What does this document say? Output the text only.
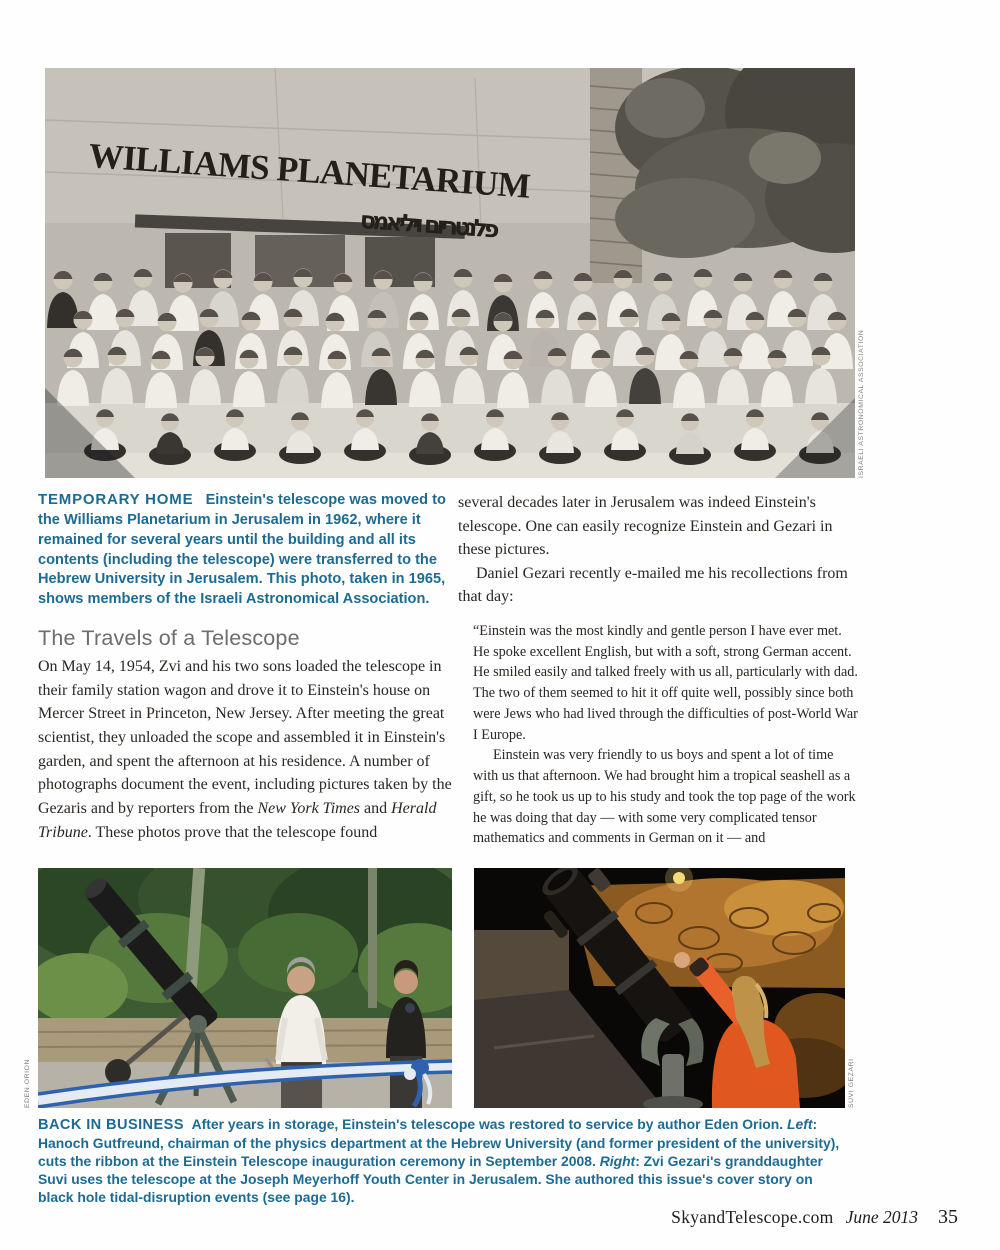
WILLIAMS PLANETARIUM
פלנטריום ויליאמס
ISRAELI ASTRONOMICAL ASSOCIATION
TEMPORARY HOME Einstein's telescope was moved to the Williams Planetarium in Jerusalem in 1962, where it remained for several years until the building and all its contents (including the telescope) were transferred to the Hebrew University in Jerusalem. This photo, taken in 1965, shows members of the Israeli Astronomical Association.

several decades later in Jerusalem was indeed Einstein's telescope. One can easily recognize Einstein and Gezari in these pictures.

Daniel Gezari recently e-mailed me his recollections from that day:

“Einstein was the most kindly and gentle person I have ever met. He spoke excellent English, but with a soft, strong German accent. He smiled easily and talked freely with us all, particularly with dad. The two of them seemed to hit it off quite well, possibly since both were Jews who had lived through the difficulties of post-World War I Europe.

Einstein was very friendly to us boys and spent a lot of time with us that afternoon. We had brought him a tropical seashell as a gift, so he took us up to his study and took the top page of the work he was doing that day — with some very complicated tensor mathematics and comments in German on it — and

The Travels of a Telescope

On May 14, 1954, Zvi and his two sons loaded the telescope in their family station wagon and drove it to Einstein's house on Mercer Street in Princeton, New Jersey. After meeting the great scientist, they unloaded the scope and assembled it in Einstein's garden, and spent the afternoon at his residence. A number of photographs document the event, including pictures taken by the Gezaris and by reporters from the New York Times and Herald Tribune. These photos prove that the telescope found

EDEN ORION	SUVI GEZARI
BACK IN BUSINESS After years in storage, Einstein's telescope was restored to service by author Eden Orion. Left: Hanoch Gutfreund, chairman of the physics department at the Hebrew University (and former president of the university), cuts the ribbon at the Einstein Telescope inauguration ceremony in September 2008. Right: Zvi Gezari's granddaughter Suvi uses the telescope at the Joseph Meyerhoff Youth Center in Jerusalem. She authored this issue's cover story on black hole tidal-disruption events (see page 16).
SkyandTelescope.com June 2013 35
